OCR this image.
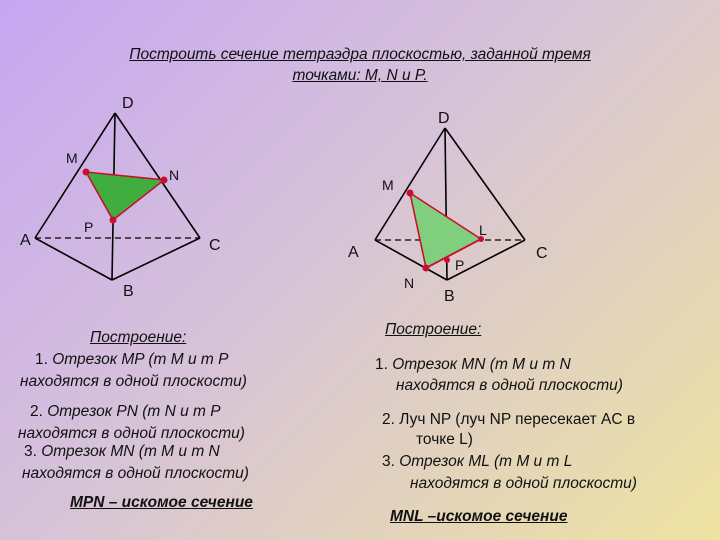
Построить сечение тетраэдра плоскостью, заданной тремя
точками: M, N и P.
D
M
N
P
A	C
B
D
M
L
A	C
N
P
B
Построение:
1. Отрезок MP (т M и т P
находятся в одной плоскости)
2. Отрезок PN (т N и т P
находятся в одной плоскости)
3. Отрезок MN (т M и т N
находятся в одной плоскости)
MPN – искомое сечение
Построение:
1. Отрезок MN (т M и т N
находятся в одной плоскости)
2. Луч NP (луч NP пересекает AC в
точке L)
3. Отрезок ML (т M и т L
находятся в одной плоскости)
MNL –искомое сечение
